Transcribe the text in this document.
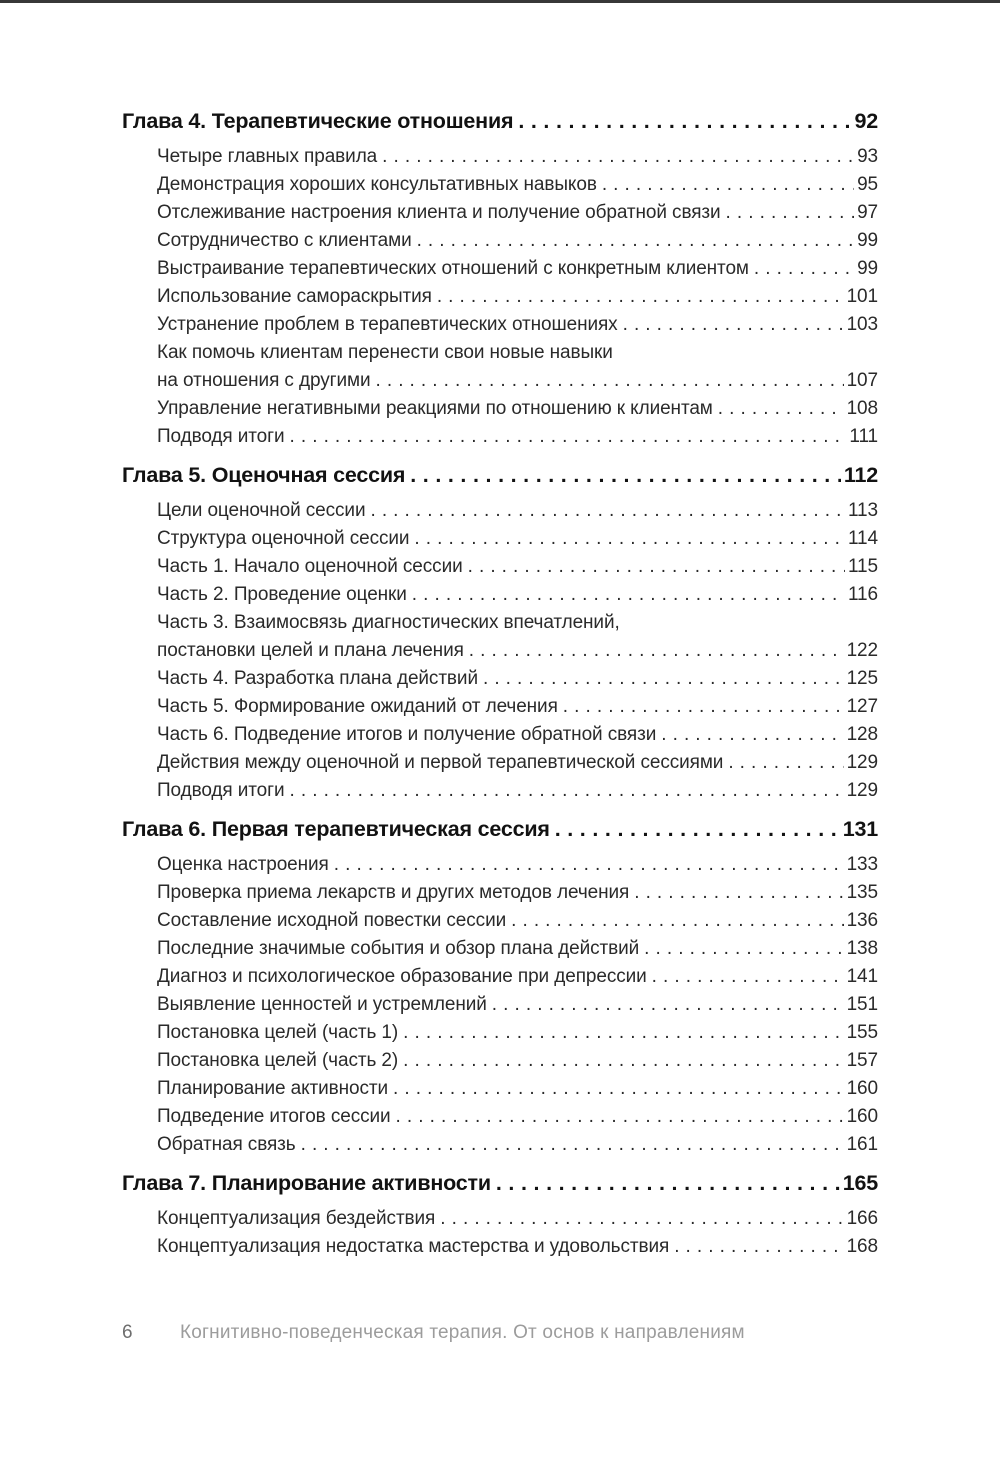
Глава 4. Терапевтические отношения . . .	92
Четыре главных правила . . .	93
Демонстрация хороших консультативных навыков . . .	95
Отслеживание настроения клиента и получение обратной связи . . .	97
Сотрудничество с клиентами . . .	99
Выстраивание терапевтических отношений с конкретным клиентом . . .	99
Использование самораскрытия . . .	101
Устранение проблем в терапевтических отношениях . . .	103
Как помочь клиентам перенести свои новые навыки
на отношения с другими . . .	107
Управление негативными реакциями по отношению к клиентам . . .	108
Подводя итоги . . .	111
Глава 5. Оценочная сессия . . .	112
Цели оценочной сессии . . .	113
Структура оценочной сессии . . .	114
Часть 1. Начало оценочной сессии . . .	115
Часть 2. Проведение оценки . . .	116
Часть 3. Взаимосвязь диагностических впечатлений,
постановки целей и плана лечения . . .	122
Часть 4. Разработка плана действий . . .	125
Часть 5. Формирование ожиданий от лечения . . .	127
Часть 6. Подведение итогов и получение обратной связи . . .	128
Действия между оценочной и первой терапевтической сессиями . . .	129
Подводя итоги . . .	129
Глава 6. Первая терапевтическая сессия . . .	131
Оценка настроения . . .	133
Проверка приема лекарств и других методов лечения . . .	135
Составление исходной повестки сессии . . .	136
Последние значимые события и обзор плана действий . . .	138
Диагноз и психологическое образование при депрессии . . .	141
Выявление ценностей и устремлений . . .	151
Постановка целей (часть 1) . . .	155
Постановка целей (часть 2) . . .	157
Планирование активности . . .	160
Подведение итогов сессии . . .	160
Обратная связь . . .	161
Глава 7. Планирование активности . . .	165
Концептуализация бездействия . . .	166
Концептуализация недостатка мастерства и удовольствия . . .	168
6	Когнитивно-поведенческая терапия. От основ к направлениям
